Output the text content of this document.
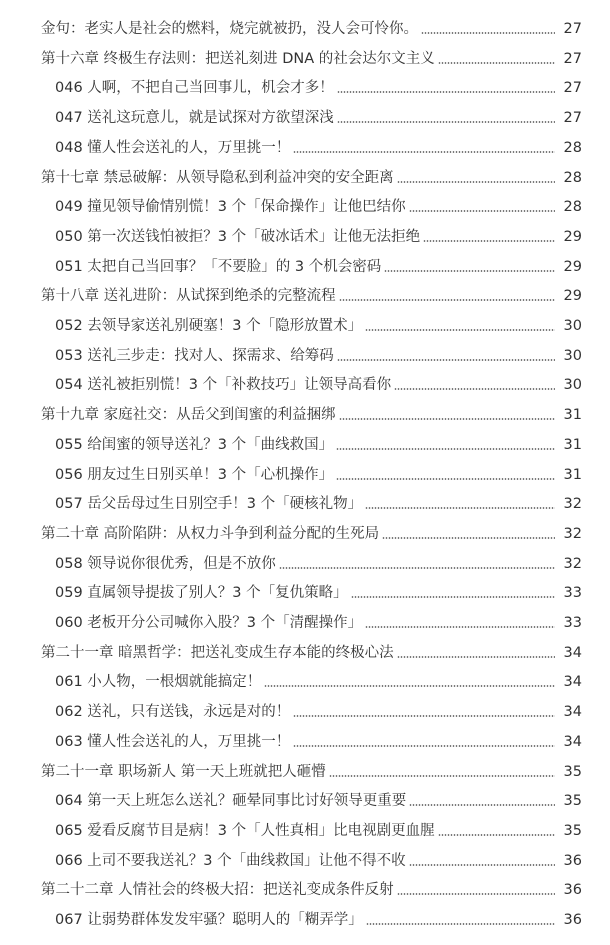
金句：老实人是社会的燃料，烧完就被扔，没人会可怜你。	27
第十六章 终极生存法则：把送礼刻进 DNA 的社会达尔文主义	27
046 人啊，不把自己当回事儿，机会才多！	27
047 送礼这玩意儿，就是试探对方欲望深浅	27
048 懂人性会送礼的人，万里挑一！	28
第十七章 禁忌破解：从领导隐私到利益冲突的安全距离	28
049 撞见领导偷情别慌！3 个「保命操作」让他巴结你	28
050 第一次送钱怕被拒？3 个「破冰话术」让他无法拒绝	29
051 太把自己当回事？「不要脸」的 3 个机会密码	29
第十八章 送礼进阶：从试探到绝杀的完整流程	29
052 去领导家送礼别硬塞！3 个「隐形放置术」	30
053 送礼三步走：找对人、探需求、给筹码	30
054 送礼被拒别慌！3 个「补救技巧」让领导高看你	30
第十九章 家庭社交：从岳父到闺蜜的利益捆绑	31
055 给闺蜜的领导送礼？3 个「曲线救国」	31
056 朋友过生日别买单！3 个「心机操作」	31
057 岳父岳母过生日别空手！3 个「硬核礼物」	32
第二十章 高阶陷阱：从权力斗争到利益分配的生死局	32
058 领导说你很优秀，但是不放你	32
059 直属领导提拔了别人？3 个「复仇策略」	33
060 老板开分公司喊你入股？3 个「清醒操作」	33
第二十一章 暗黑哲学：把送礼变成生存本能的终极心法	34
061 小人物，一根烟就能搞定！	34
062 送礼，只有送钱，永远是对的！	34
063 懂人性会送礼的人，万里挑一！	34
第二十一章 职场新人 第一天上班就把人砸懵	35
064 第一天上班怎么送礼？砸晕同事比讨好领导更重要	35
065 爱看反腐节目是病！3 个「人性真相」比电视剧更血腥	35
066 上司不要我送礼？3 个「曲线救国」让他不得不收	36
第二十二章 人情社会的终极大招：把送礼变成条件反射	36
067 让弱势群体发发牢骚？聪明人的「糊弄学」	36
